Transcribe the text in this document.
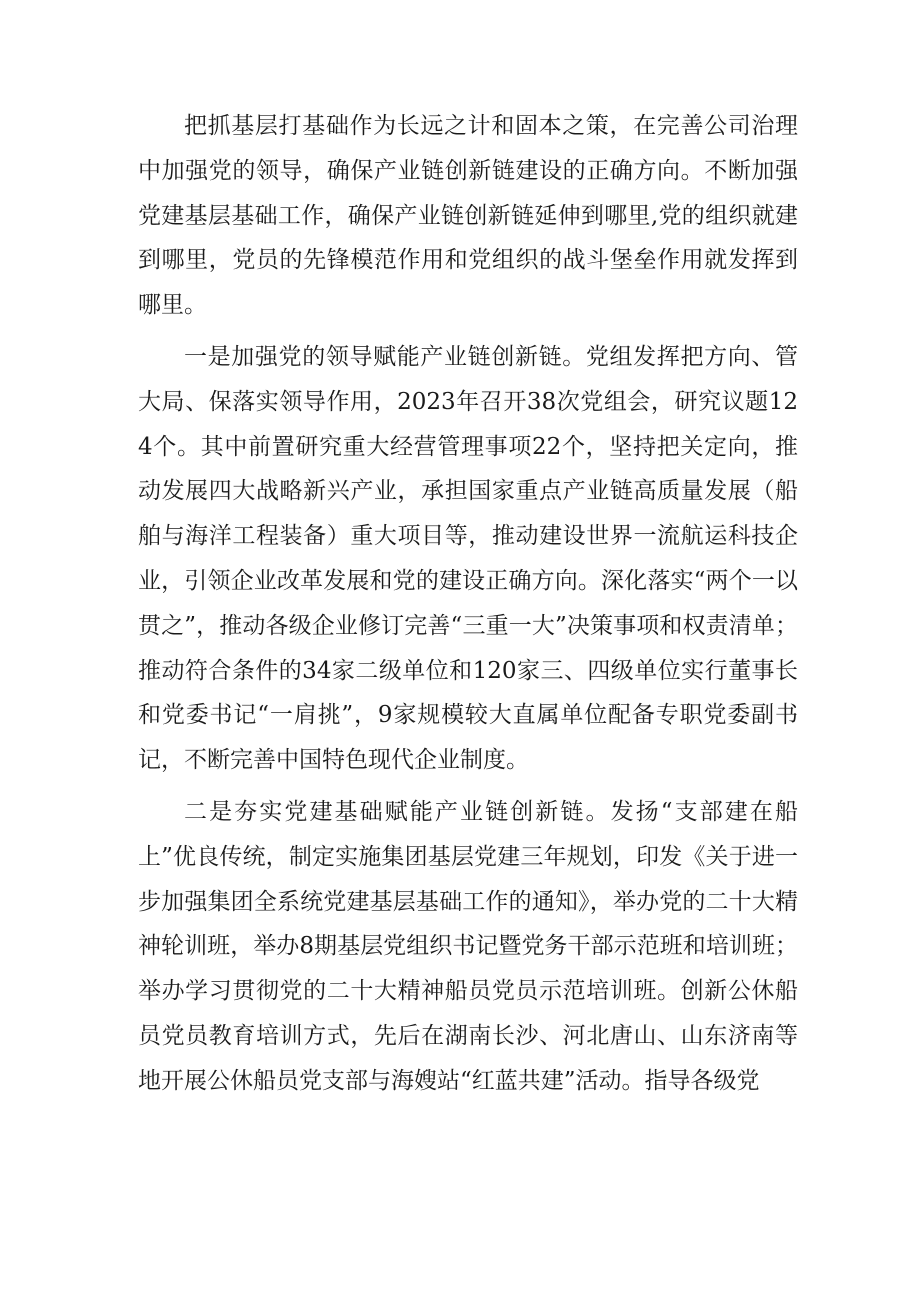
把抓基层打基础作为长远之计和固本之策，在完善公司治理中加强党的领导，确保产业链创新链建设的正确方向。不断加强党建基层基础工作，确保产业链创新链延伸到哪里,党的组织就建到哪里，党员的先锋模范作用和党组织的战斗堡垒作用就发挥到哪里。

一是加强党的领导赋能产业链创新链。党组发挥把方向、管大局、保落实领导作用，2023年召开38次党组会，研究议题124个。其中前置研究重大经营管理事项22个，坚持把关定向，推动发展四大战略新兴产业，承担国家重点产业链高质量发展（船舶与海洋工程装备）重大项目等，推动建设世界一流航运科技企业，引领企业改革发展和党的建设正确方向。深化落实“两个一以贯之”，推动各级企业修订完善“三重一大”决策事项和权责清单；推动符合条件的34家二级单位和120家三、四级单位实行董事长和党委书记“一肩挑”，9家规模较大直属单位配备专职党委副书记，不断完善中国特色现代企业制度。

二是夯实党建基础赋能产业链创新链。发扬“支部建在船上”优良传统，制定实施集团基层党建三年规划，印发《关于进一步加强集团全系统党建基层基础工作的通知》，举办党的二十大精神轮训班，举办8期基层党组织书记暨党务干部示范班和培训班；举办学习贯彻党的二十大精神船员党员示范培训班。创新公休船员党员教育培训方式，先后在湖南长沙、河北唐山、山东济南等地开展公休船员党支部与海嫂站“红蓝共建”活动。指导各级党
